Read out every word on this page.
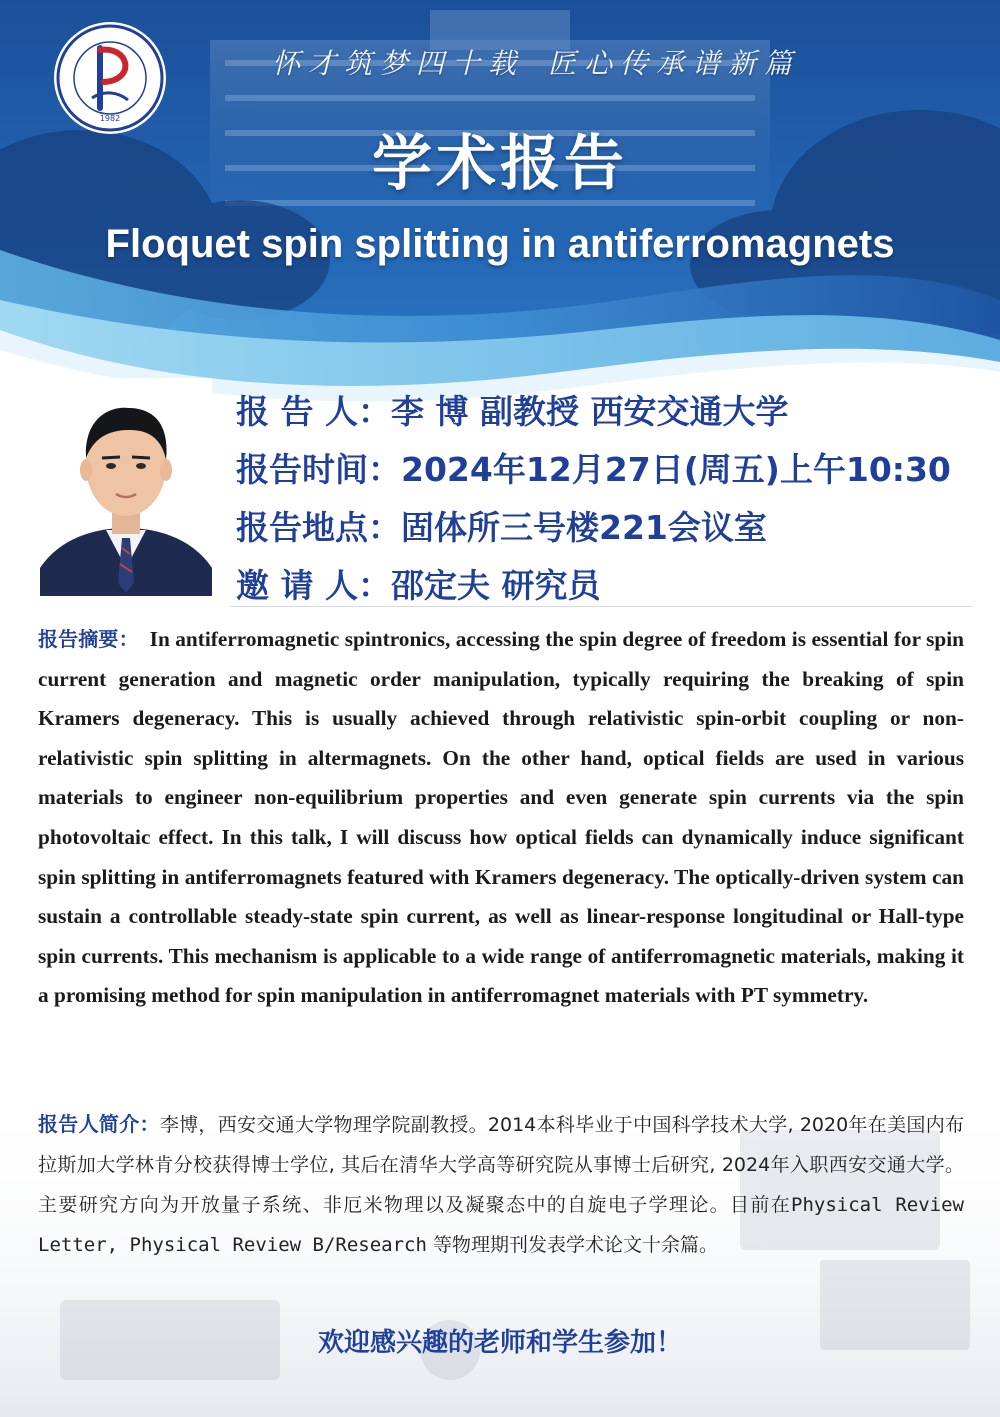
1982
怀才筑梦四十载 匠心传承谱新篇
学术报告
Floquet spin splitting in antiferromagnets
报 告 人：李 博 副教授 西安交通大学
报告时间：2024年12月27日(周五)上午10:30
报告地点：固体所三号楼221会议室
邀 请 人：邵定夫 研究员
报告摘要： In antiferromagnetic spintronics, accessing the spin degree of freedom is essential for spin current generation and magnetic order manipulation, typically requiring the breaking of spin Kramers degeneracy. This is usually achieved through relativistic spin-orbit coupling or non-relativistic spin splitting in altermagnets. On the other hand, optical fields are used in various materials to engineer non-equilibrium properties and even generate spin currents via the spin photovoltaic effect. In this talk, I will discuss how optical fields can dynamically induce significant spin splitting in antiferromagnets featured with Kramers degeneracy. The optically-driven system can sustain a controllable steady-state spin current, as well as linear-response longitudinal or Hall-type spin currents. This mechanism is applicable to a wide range of antiferromagnetic materials, making it a promising method for spin manipulation in antiferromagnet materials with PT symmetry.
报告人简介：李博，西安交通大学物理学院副教授。2014本科毕业于中国科学技术大学, 2020年在美国内布拉斯加大学林肯分校获得博士学位, 其后在清华大学高等研究院从事博士后研究, 2024年入职西安交通大学。主要研究方向为开放量子系统、非厄米物理以及凝聚态中的自旋电子学理论。目前在Physical Review Letter, Physical Review B/Research 等物理期刊发表学术论文十余篇。
欢迎感兴趣的老师和学生参加！
